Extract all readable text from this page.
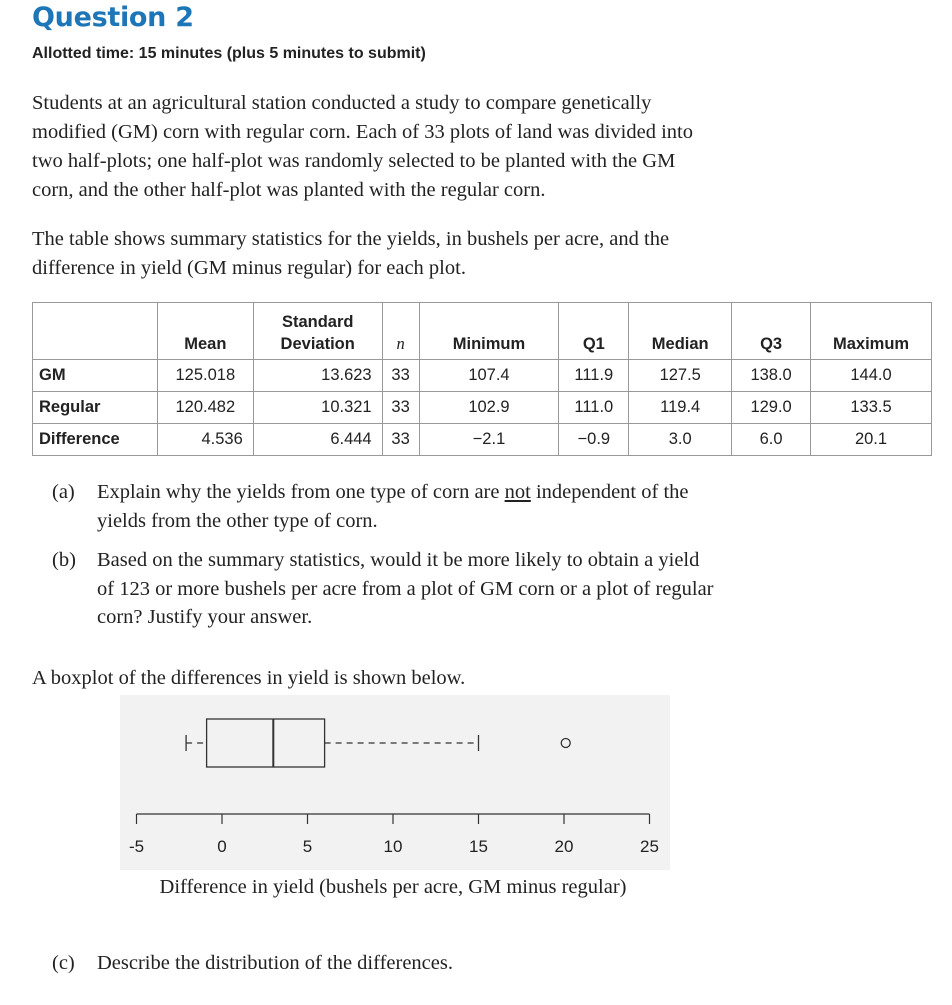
Question 2

Allotted time: 15 minutes (plus 5 minutes to submit)

Students at an agricultural station conducted a study to compare genetically
modified (GM) corn with regular corn. Each of 33 plots of land was divided into
two half-plots; one half-plot was randomly selected to be planted with the GM
corn, and the other half-plot was planted with the regular corn.

The table shows summary statistics for the yields, in bushels per acre, and the
difference in yield (GM minus regular) for each plot.

	Mean	Standard
Deviation	n	Minimum	Q1	Median	Q3	Maximum
GM	125.018	13.623	33	107.4	111.9	127.5	138.0	144.0
Regular	120.482	10.321	33	102.9	111.0	119.4	129.0	133.5
Difference	4.536	6.444	33	−2.1	−0.9	3.0	6.0	20.1
(a) Explain why the yields from one type of corn are not independent of the
yields from the other type of corn.
(b) Based on the summary statistics, would it be more likely to obtain a yield
of 123 or more bushels per acre from a plot of GM corn or a plot of regular
corn? Justify your answer.

A boxplot of the differences in yield is shown below.

-5	0	5	10	15	20	25
Difference in yield (bushels per acre, GM minus regular)
(c) Describe the distribution of the differences.
